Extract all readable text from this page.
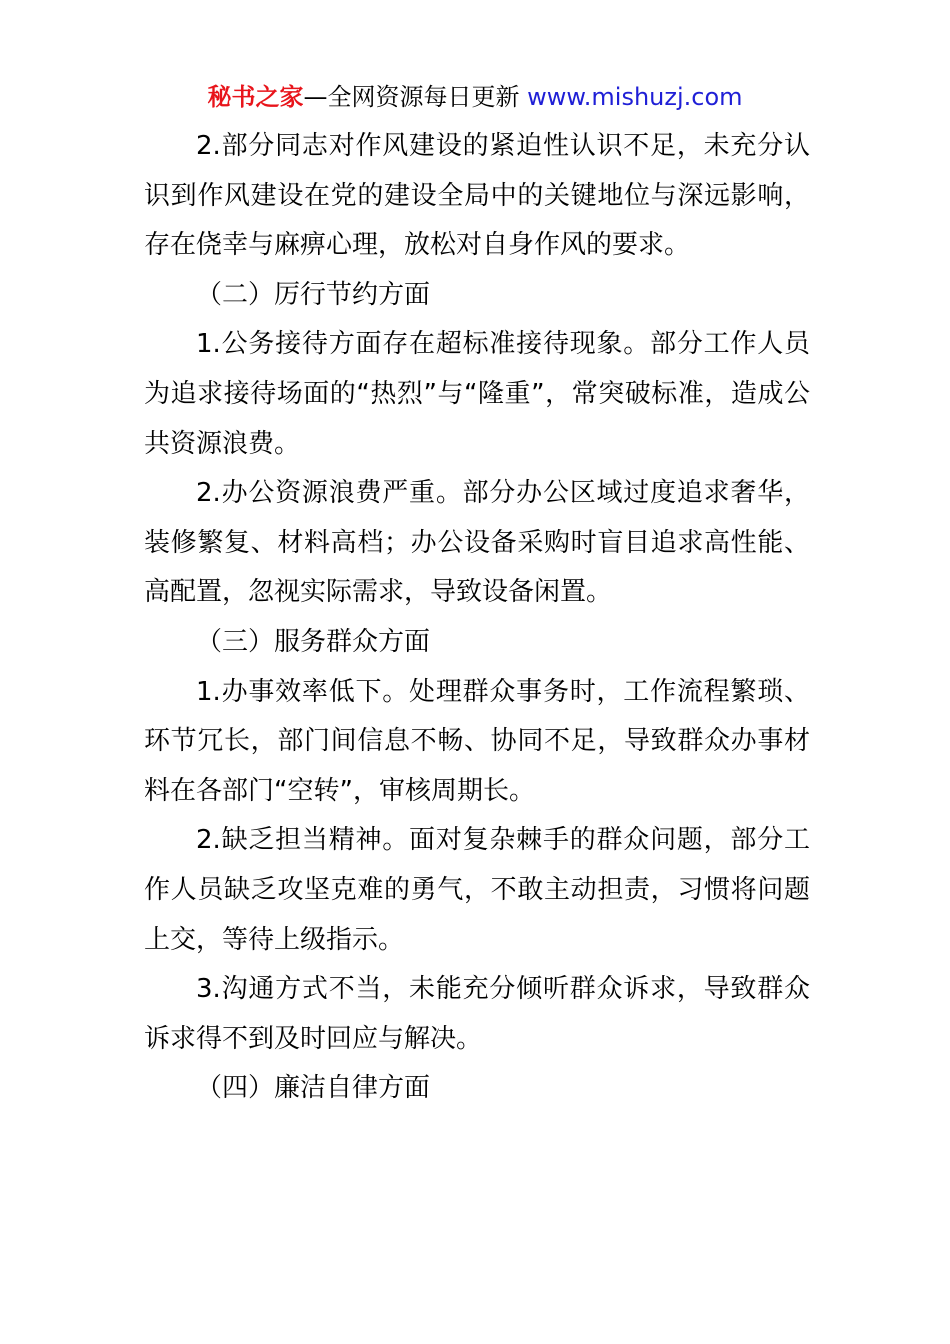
秘书之家—全网资源每日更新 www.mishuzj.com

2.部分同志对作风建设的紧迫性认识不足，未充分认识到作风建设在党的建设全局中的关键地位与深远影响，存在侥幸与麻痹心理，放松对自身作风的要求。

（二）厉行节约方面

1.公务接待方面存在超标准接待现象。部分工作人员为追求接待场面的“热烈”与“隆重”，常突破标准，造成公共资源浪费。

2.办公资源浪费严重。部分办公区域过度追求奢华，装修繁复、材料高档；办公设备采购时盲目追求高性能、高配置，忽视实际需求，导致设备闲置。

（三）服务群众方面

1.办事效率低下。处理群众事务时，工作流程繁琐、环节冗长，部门间信息不畅、协同不足，导致群众办事材料在各部门“空转”，审核周期长。

2.缺乏担当精神。面对复杂棘手的群众问题，部分工作人员缺乏攻坚克难的勇气，不敢主动担责，习惯将问题上交，等待上级指示。

3.沟通方式不当，未能充分倾听群众诉求，导致群众诉求得不到及时回应与解决。

（四）廉洁自律方面
